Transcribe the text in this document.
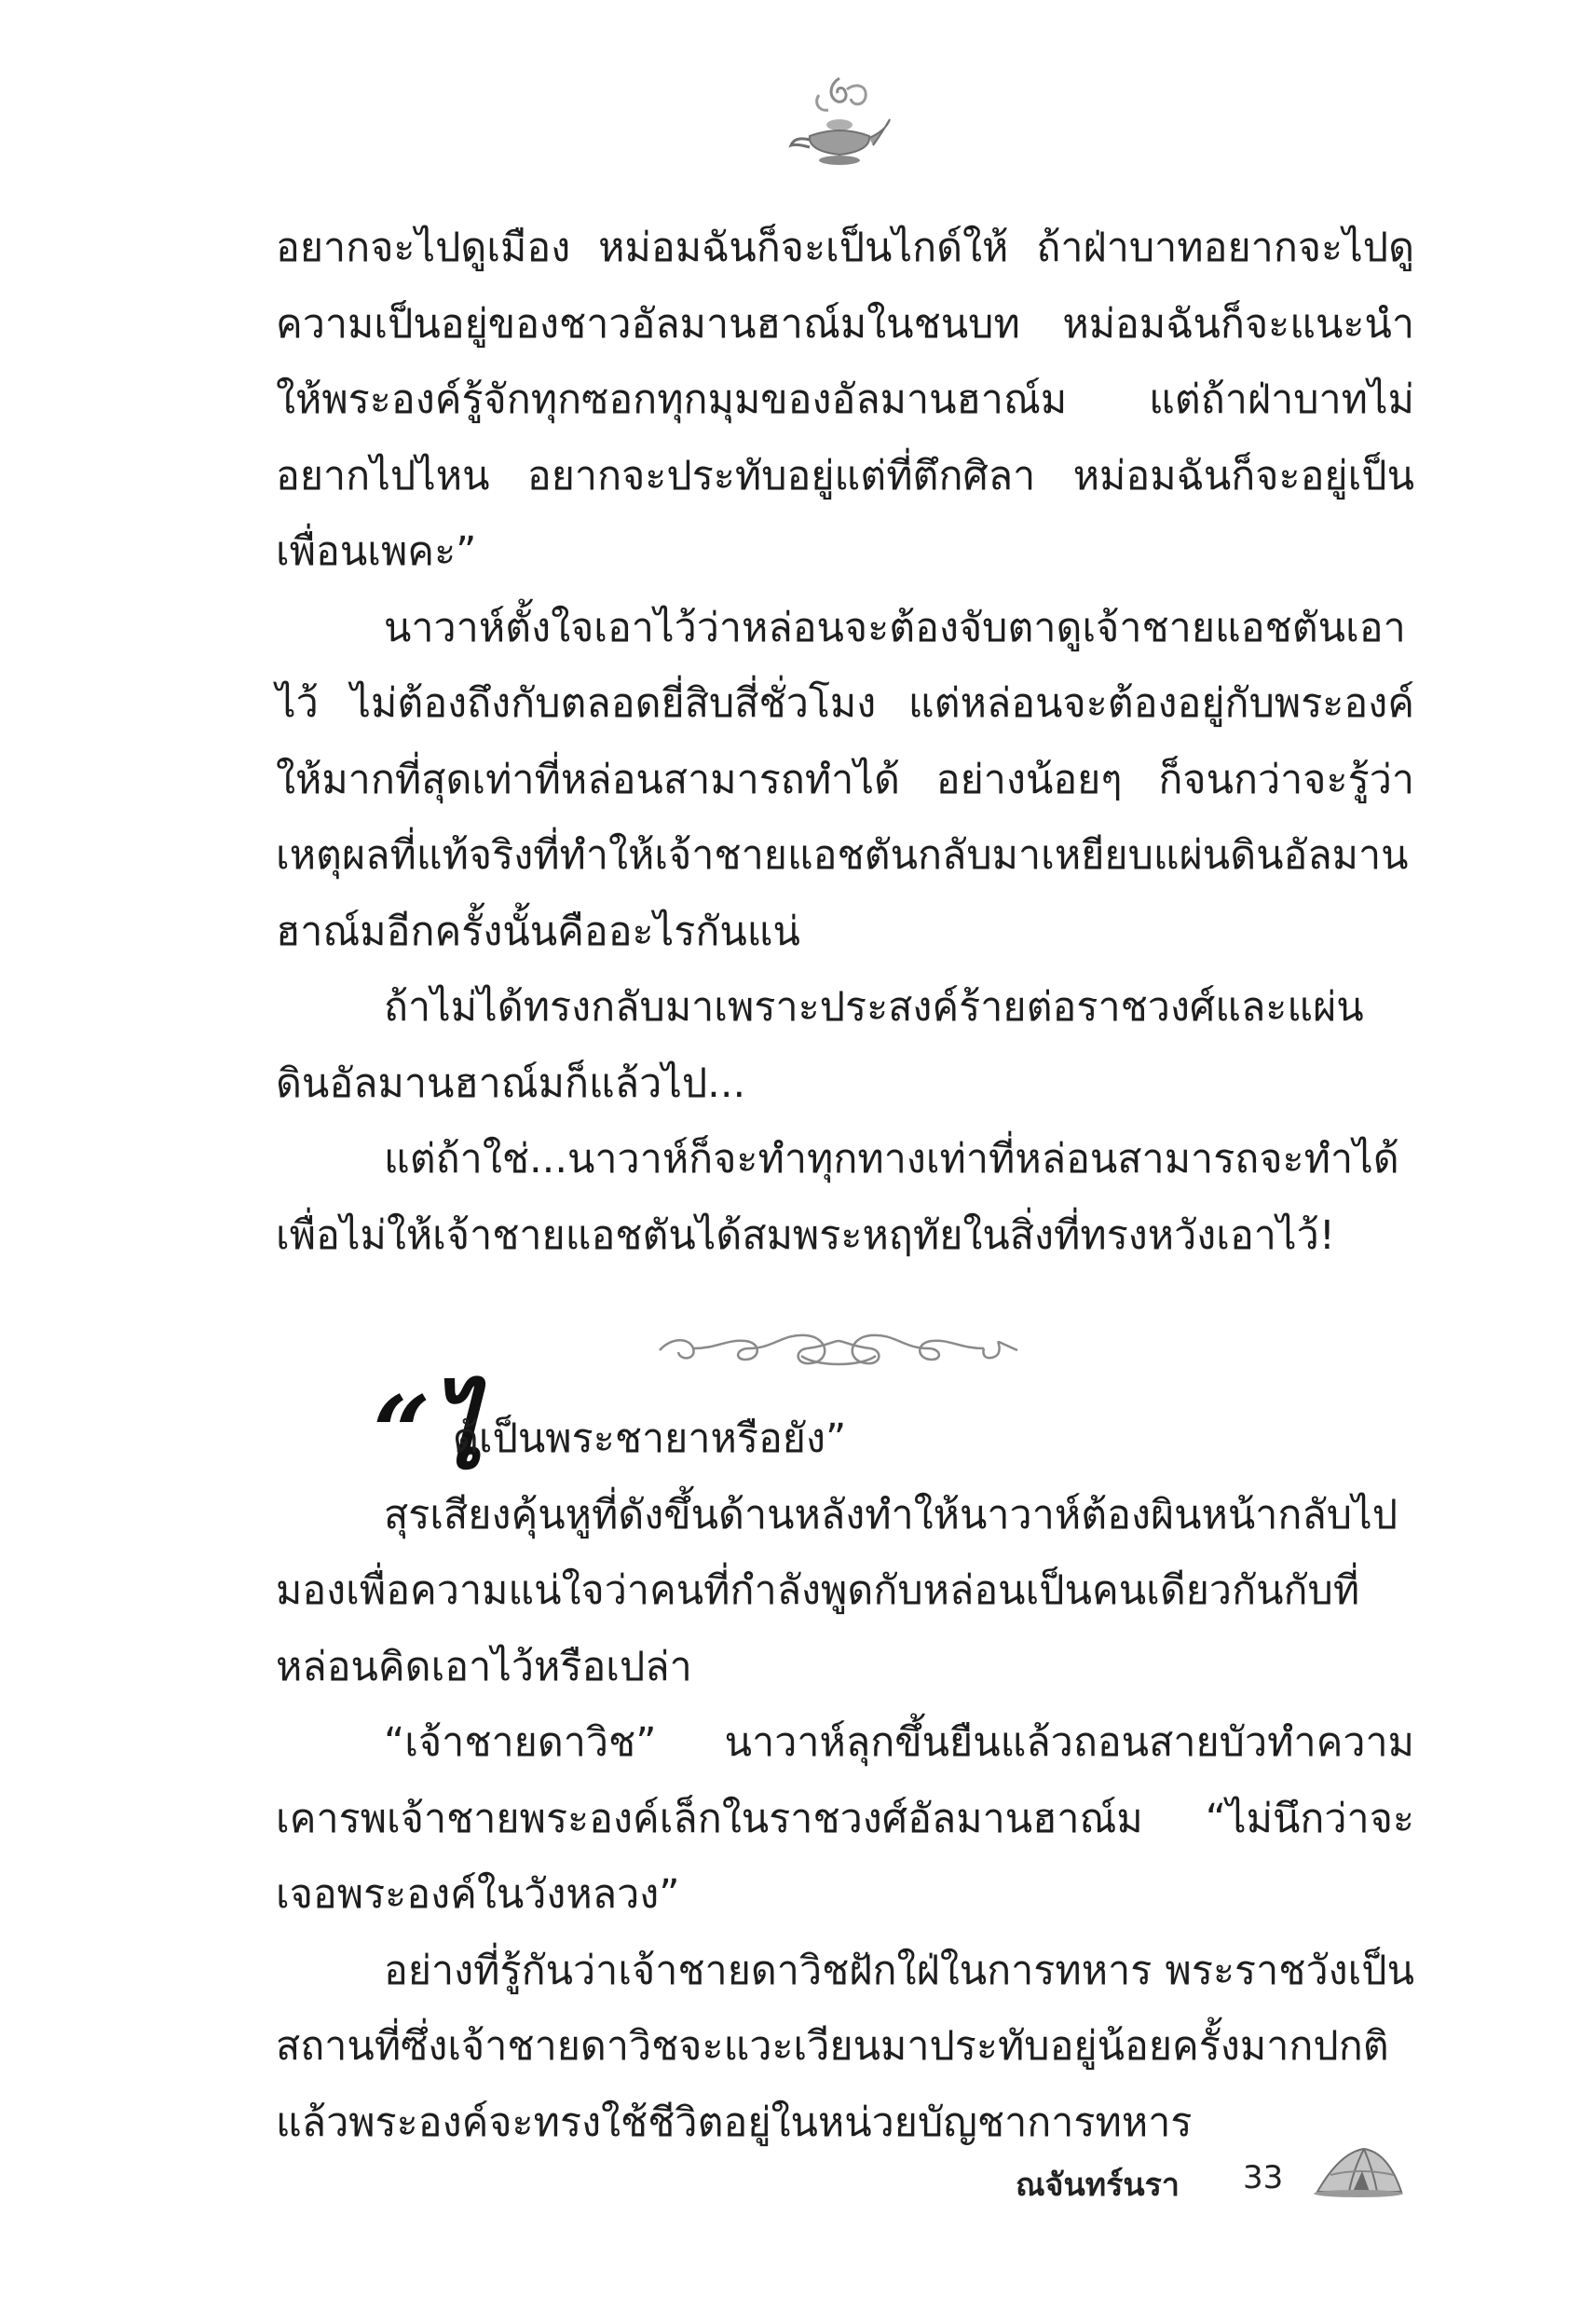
อยากจะไปดูเมือง หม่อมฉันก็จะเป็นไกด์ให้ ถ้าฝ่าบาทอยากจะไปดูความเป็นอยู่ของชาวอัลมานฮาณ์มในชนบท หม่อมฉันก็จะแนะนำให้พระองค์รู้จักทุกซอกทุกมุมของอัลมานฮาณ์ม แต่ถ้าฝ่าบาทไม่อยากไปไหน อยากจะประทับอยู่แต่ที่ตึกศิลา หม่อมฉันก็จะอยู่เป็นเพื่อนเพคะ”

นาวาห์ตั้งใจเอาไว้ว่าหล่อนจะต้องจับตาดูเจ้าชายแอชตันเอาไว้ ไม่ต้องถึงกับตลอดยี่สิบสี่ชั่วโมง แต่หล่อนจะต้องอยู่กับพระองค์ให้มากที่สุดเท่าที่หล่อนสามารถทำได้ อย่างน้อยๆ ก็จนกว่าจะรู้ว่า เหตุผลที่แท้จริงที่ทำให้เจ้าชายแอชตันกลับมาเหยียบแผ่นดินอัลมานฮาณ์มอีกครั้งนั้นคืออะไรกันแน่

ถ้าไม่ได้ทรงกลับมาเพราะประสงค์ร้ายต่อราชวงศ์และแผ่นดินอัลมานฮาณ์มก็แล้วไป...

แต่ถ้าใช่...นาวาห์ก็จะทำทุกทางเท่าที่หล่อนสามารถจะทำได้เพื่อไม่ให้เจ้าชายแอชตันได้สมพระหฤทัยในสิ่งที่ทรงหวังเอาไว้!

“ไ
ด้เป็นพระชายาหรือยัง”

สุรเสียงคุ้นหูที่ดังขึ้นด้านหลังทำให้นาวาห์ต้องผินหน้ากลับไปมองเพื่อความแน่ใจว่าคนที่กำลังพูดกับหล่อนเป็นคนเดียวกันกับที่หล่อนคิดเอาไว้หรือเปล่า

“เจ้าชายดาวิช” นาวาห์ลุกขึ้นยืนแล้วถอนสายบัวทำความเคารพเจ้าชายพระองค์เล็กในราชวงศ์อัลมานฮาณ์ม “ไม่นึกว่าจะเจอพระองค์ในวังหลวง”

อย่างที่รู้กันว่าเจ้าชายดาวิชฝักใฝ่ในการทหาร พระราชวังเป็นสถานที่ซึ่งเจ้าชายดาวิชจะแวะเวียนมาประทับอยู่น้อยครั้งมากปกติแล้วพระองค์จะทรงใช้ชีวิตอยู่ในหน่วยบัญชาการทหาร

ณจันทร์นรา 33
